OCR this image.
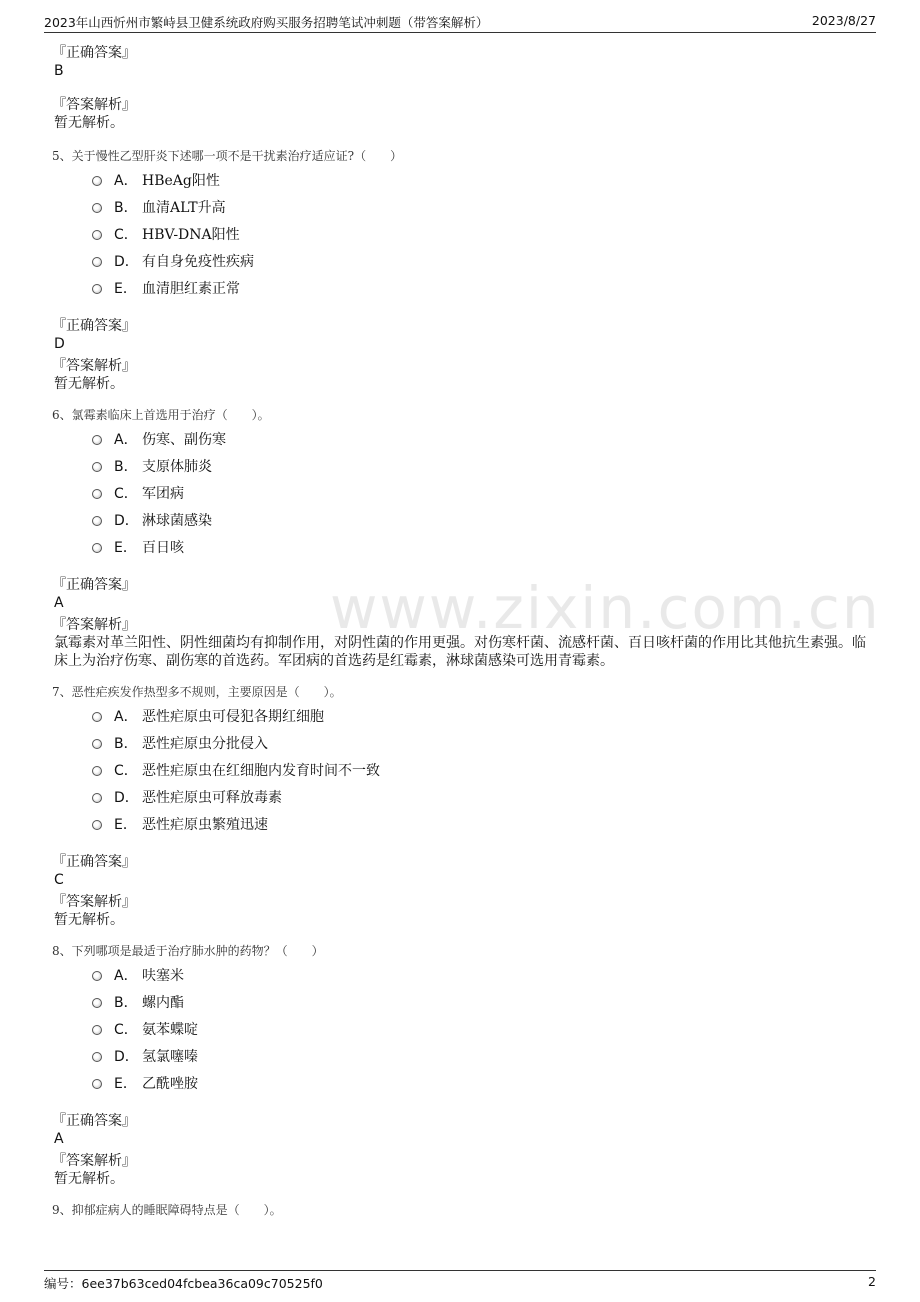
2023年山西忻州市繁峙县卫健系统政府购买服务招聘笔试冲刺题（带答案解析）	2023/8/27
www.zixin.com.cn
『正确答案』
B
『答案解析』
暂无解析。
5、关于慢性乙型肝炎下述哪一项不是干扰素治疗适应证?（　　）
A． HBeAg阳性
B． 血清ALT升高
C． HBV-DNA阳性
D． 有自身免疫性疾病
E． 血清胆红素正常
『正确答案』
D
『答案解析』
暂无解析。
6、氯霉素临床上首选用于治疗（　　）。
A． 伤寒、副伤寒
B． 支原体肺炎
C． 军团病
D． 淋球菌感染
E． 百日咳
『正确答案』
A
『答案解析』
氯霉素对革兰阳性、阴性细菌均有抑制作用，对阴性菌的作用更强。对伤寒杆菌、流感杆菌、百日咳杆菌的作用比其他抗生素强。临床上为治疗伤寒、副伤寒的首选药。军团病的首选药是红霉素，淋球菌感染可选用青霉素。
7、恶性疟疾发作热型多不规则，主要原因是（　　）。
A． 恶性疟原虫可侵犯各期红细胞
B． 恶性疟原虫分批侵入
C． 恶性疟原虫在红细胞内发育时间不一致
D． 恶性疟原虫可释放毒素
E． 恶性疟原虫繁殖迅速
『正确答案』
C
『答案解析』
暂无解析。
8、下列哪项是最适于治疗肺水肿的药物？（　　）
A． 呋塞米
B． 螺内酯
C． 氨苯蝶啶
D． 氢氯噻嗪
E． 乙酰唑胺
『正确答案』
A
『答案解析』
暂无解析。
9、抑郁症病人的睡眠障碍特点是（　　）。
编号：6ee37b63ced04fcbea36ca09c70525f0	2
